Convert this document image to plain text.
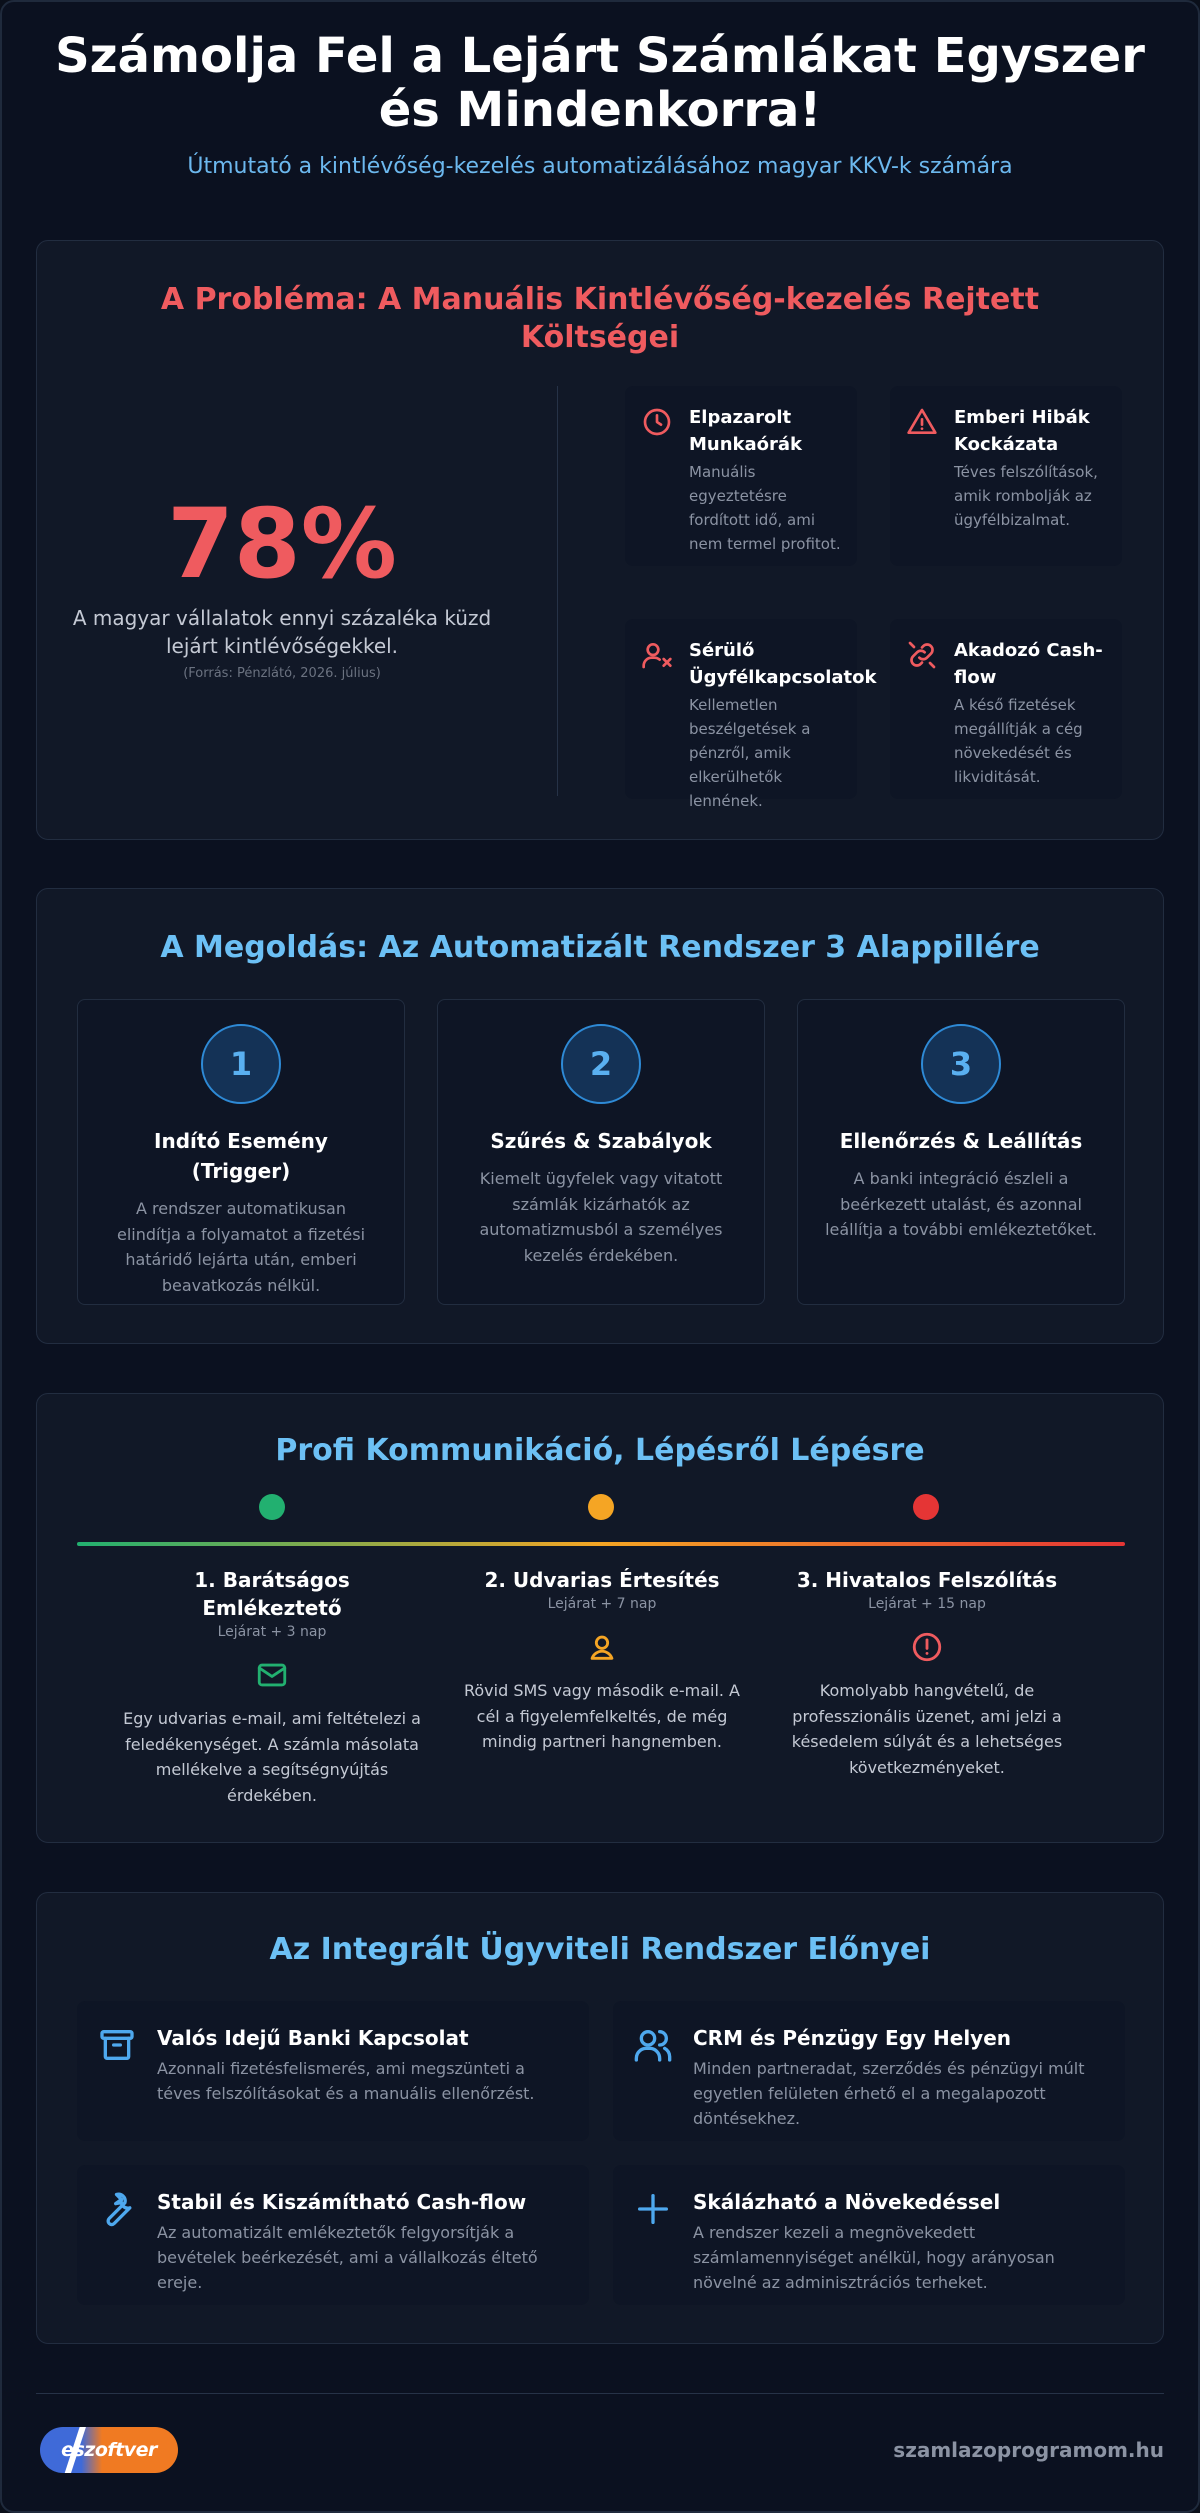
Számolja Fel a Lejárt Számlákat Egyszer és Mindenkorra!
Útmutató a kintlévőség-kezelés automatizálásához magyar KKV-k számára
A Probléma: A Manuális Kintlévőség-kezelés Rejtett Költségei
78%
A magyar vállalatok ennyi százaléka küzd lejárt kintlévőségekkel.
(Forrás: Pénzlátó, 2026. július)
Elpazarolt Munkaórák
Manuális egyeztetésre fordított idő, ami nem termel profitot.
Emberi Hibák Kockázata
Téves felszólítások, amik rombolják az ügyfélbizalmat.
Sérülő Ügyfélkapcsolatok
Kellemetlen beszélgetések a pénzről, amik elkerülhetők lennének.
Akadozó Cash-flow
A késő fizetések megállítják a cég növekedését és likviditását.
A Megoldás: Az Automatizált Rendszer 3 Alappillére
1
Indító Esemény (Trigger)
A rendszer automatikusan elindítja a folyamatot a fizetési határidő lejárta után, emberi beavatkozás nélkül.
2
Szűrés & Szabályok
Kiemelt ügyfelek vagy vitatott számlák kizárhatók az automatizmusból a személyes kezelés érdekében.
3
Ellenőrzés & Leállítás
A banki integráció észleli a beérkezett utalást, és azonnal leállítja a további emlékeztetőket.
Profi Kommunikáció, Lépésről Lépésre
1. Barátságos Emlékeztető
Lejárat + 3 nap
Egy udvarias e-mail, ami feltételezi a feledékenységet. A számla másolata mellékelve a segítségnyújtás érdekében.
2. Udvarias Értesítés
Lejárat + 7 nap
Rövid SMS vagy második e-mail. A cél a figyelemfelkeltés, de még mindig partneri hangnemben.
3. Hivatalos Felszólítás
Lejárat + 15 nap
Komolyabb hangvételű, de professzionális üzenet, ami jelzi a késedelem súlyát és a lehetséges következményeket.
Az Integrált Ügyviteli Rendszer Előnyei
Valós Idejű Banki Kapcsolat
Azonnali fizetésfelismerés, ami megszünteti a téves felszólításokat és a manuális ellenőrzést.
CRM és Pénzügy Egy Helyen
Minden partneradat, szerződés és pénzügyi múlt egyetlen felületen érhető el a megalapozott döntésekhez.
Stabil és Kiszámítható Cash-flow
Az automatizált emlékeztetők felgyorsítják a bevételek beérkezését, ami a vállalkozás éltető ereje.
Skálázható a Növekedéssel
A rendszer kezeli a megnövekedett számlamennyiséget anélkül, hogy arányosan növelné az adminisztrációs terheket.
eszoftver	szamlazoprogramom.hu
